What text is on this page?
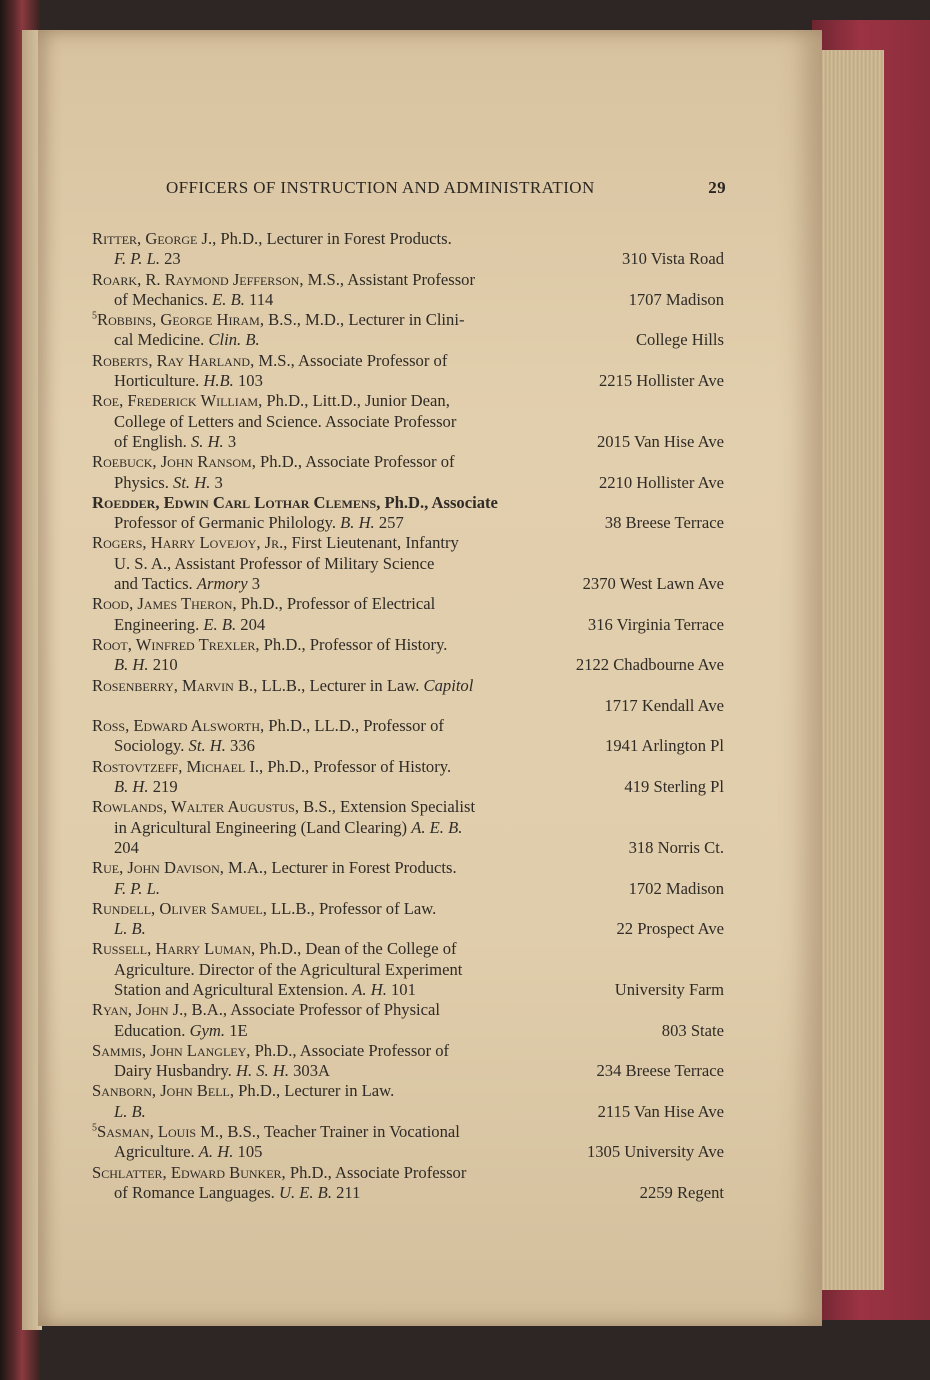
OFFICERS OF INSTRUCTION AND ADMINISTRATION	29
Ritter, George J., Ph.D., Lecturer in Forest Products.
F. P. L. 23	310 Vista Road
Roark, R. Raymond Jefferson, M.S., Assistant Professor
of Mechanics. E. B. 114	1707 Madison
$^5$Robbins, George Hiram, B.S., M.D., Lecturer in Clini-
cal Medicine. Clin. B.	College Hills
Roberts, Ray Harland, M.S., Associate Professor of
Horticulture. H.B. 103	2215 Hollister Ave
Roe, Frederick William, Ph.D., Litt.D., Junior Dean,
College of Letters and Science. Associate Professor
of English. S. H. 3	2015 Van Hise Ave
Roebuck, John Ransom, Ph.D., Associate Professor of
Physics. St. H. 3	2210 Hollister Ave
Roedder, Edwin Carl Lothar Clemens, Ph.D., Associate
Professor of Germanic Philology. B. H. 257	38 Breese Terrace
Rogers, Harry Lovejoy, Jr., First Lieutenant, Infantry
U. S. A., Assistant Professor of Military Science
and Tactics. Armory 3	2370 West Lawn Ave
Rood, James Theron, Ph.D., Professor of Electrical
Engineering. E. B. 204	316 Virginia Terrace
Root, Winfred Trexler, Ph.D., Professor of History.
B. H. 210	2122 Chadbourne Ave
Rosenberry, Marvin B., LL.B., Lecturer in Law. Capitol
1717 Kendall Ave
Ross, Edward Alsworth, Ph.D., LL.D., Professor of
Sociology. St. H. 336	1941 Arlington Pl
Rostovtzeff, Michael I., Ph.D., Professor of History.
B. H. 219	419 Sterling Pl
Rowlands, Walter Augustus, B.S., Extension Specialist
in Agricultural Engineering (Land Clearing) A. E. B.
204	318 Norris Ct.
Rue, John Davison, M.A., Lecturer in Forest Products.
F. P. L.	1702 Madison
Rundell, Oliver Samuel, LL.B., Professor of Law.
L. B.	22 Prospect Ave
Russell, Harry Luman, Ph.D., Dean of the College of
Agriculture. Director of the Agricultural Experiment
Station and Agricultural Extension. A. H. 101	University Farm
Ryan, John J., B.A., Associate Professor of Physical
Education. Gym. 1E	803 State
Sammis, John Langley, Ph.D., Associate Professor of
Dairy Husbandry. H. S. H. 303A	234 Breese Terrace
Sanborn, John Bell, Ph.D., Lecturer in Law.
L. B.	2115 Van Hise Ave
$^5$Sasman, Louis M., B.S., Teacher Trainer in Vocational
Agriculture. A. H. 105	1305 University Ave
Schlatter, Edward Bunker, Ph.D., Associate Professor
of Romance Languages. U. E. B. 211	2259 Regent
